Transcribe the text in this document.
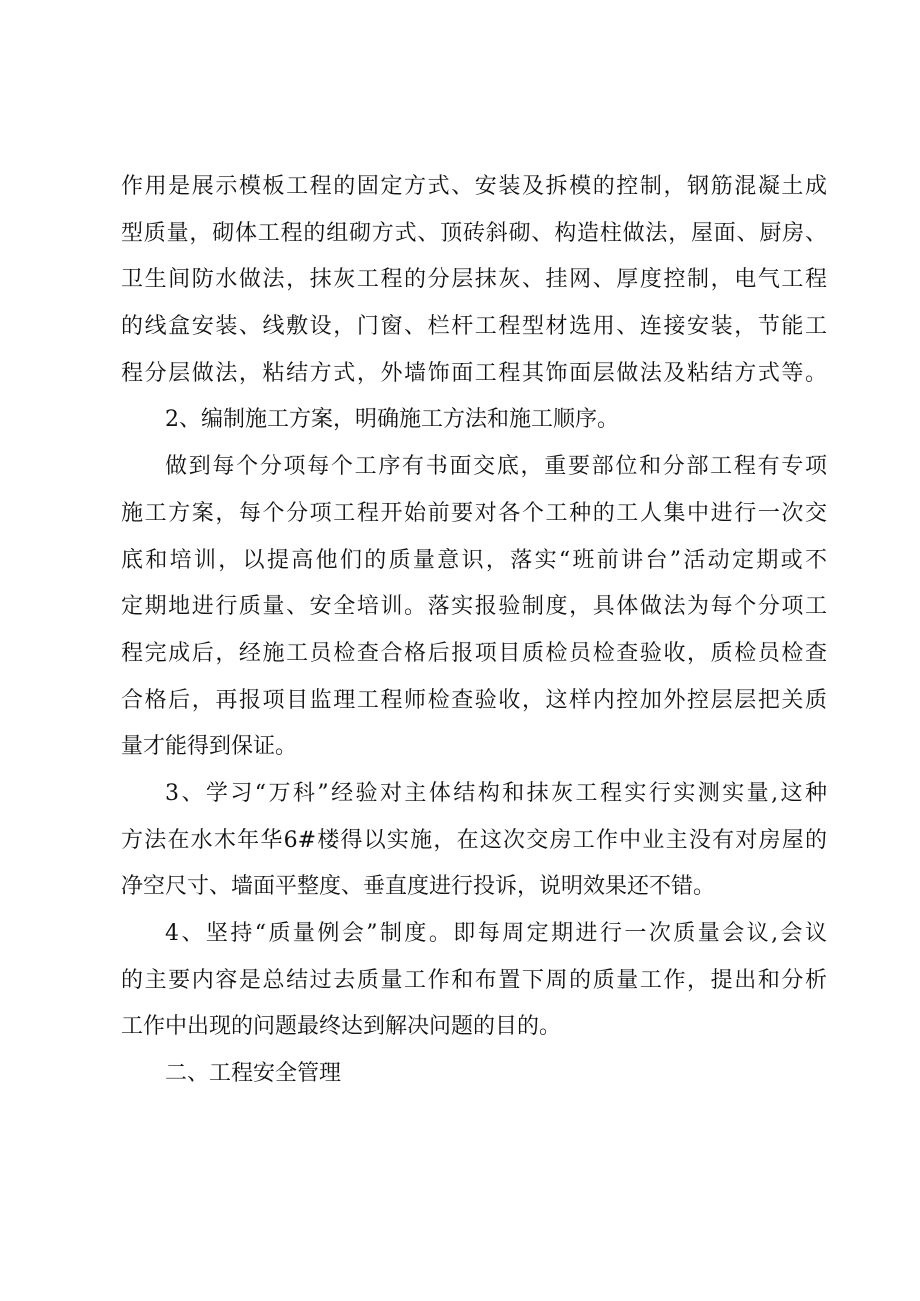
作用是展示模板工程的固定方式、安装及拆模的控制，钢筋混凝土成
型质量，砌体工程的组砌方式、顶砖斜砌、构造柱做法，屋面、厨房、
卫生间防水做法，抹灰工程的分层抹灰、挂网、厚度控制，电气工程
的线盒安装、线敷设，门窗、栏杆工程型材选用、连接安装，节能工
程分层做法，粘结方式，外墙饰面工程其饰面层做法及粘结方式等。
2、编制施工方案，明确施工方法和施工顺序。
做到每个分项每个工序有书面交底，重要部位和分部工程有专项
施工方案，每个分项工程开始前要对各个工种的工人集中进行一次交
底和培训，以提高他们的质量意识，落实“班前讲台”活动定期或不
定期地进行质量、安全培训。落实报验制度，具体做法为每个分项工
程完成后，经施工员检查合格后报项目质检员检查验收，质检员检查
合格后，再报项目监理工程师检查验收，这样内控加外控层层把关质
量才能得到保证。
3、学习“万科”经验对主体结构和抹灰工程实行实测实量,这种
方法在水木年华6#楼得以实施，在这次交房工作中业主没有对房屋的
净空尺寸、墙面平整度、垂直度进行投诉，说明效果还不错。
4、坚持“质量例会”制度。即每周定期进行一次质量会议,会议
的主要内容是总结过去质量工作和布置下周的质量工作，提出和分析
工作中出现的问题最终达到解决问题的目的。
二、工程安全管理
